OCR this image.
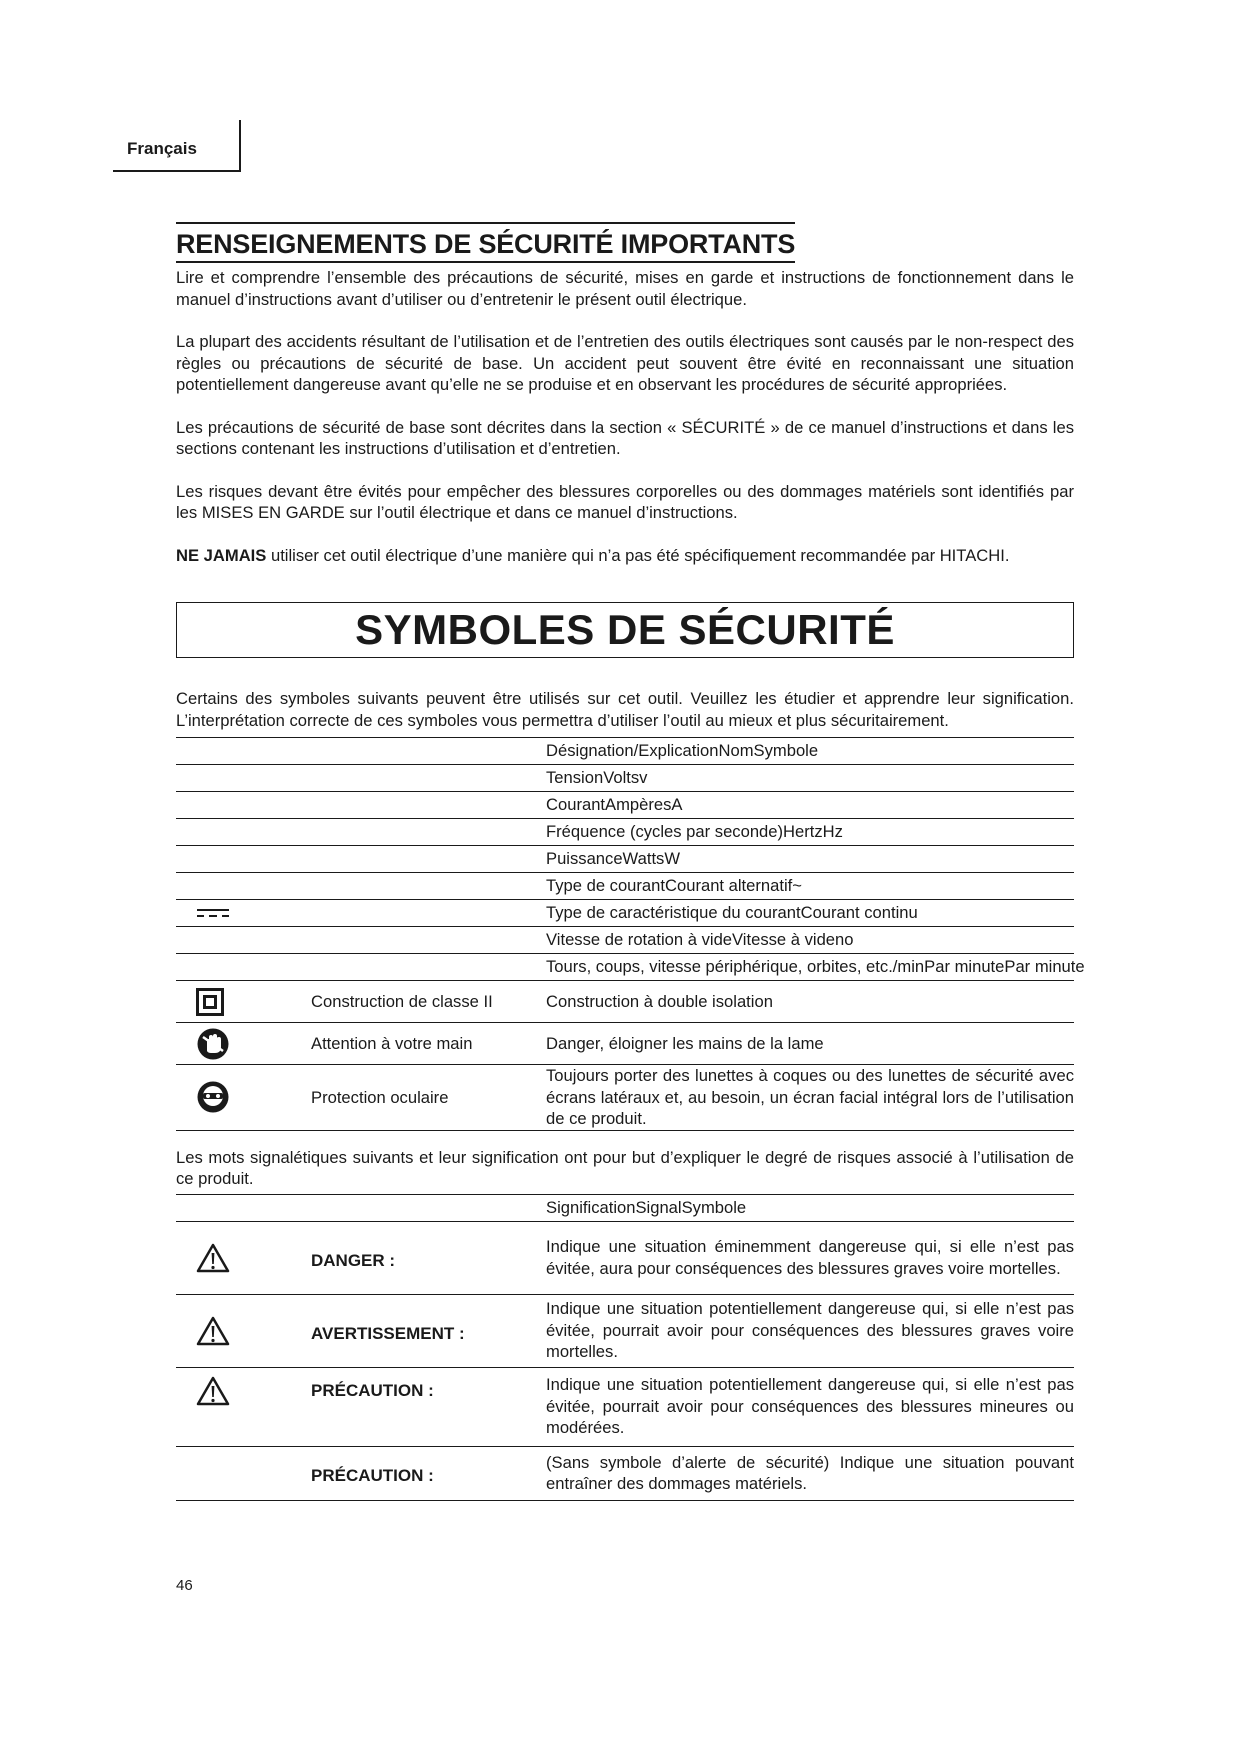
Français
RENSEIGNEMENTS DE SÉCURITÉ IMPORTANTS

Lire et comprendre l’ensemble des précautions de sécurité, mises en garde et instructions de fonctionnement dans le manuel d’instructions avant d’utiliser ou d’entretenir le présent outil électrique.

La plupart des accidents résultant de l’utilisation et de l’entretien des outils électriques sont causés par le non-respect des règles ou précautions de sécurité de base. Un accident peut souvent être évité en reconnaissant une situation potentiellement dangereuse avant qu’elle ne se produise et en observant les procédures de sécurité appropriées.

Les précautions de sécurité de base sont décrites dans la section « SÉCURITÉ » de ce manuel d’instructions et dans les sections contenant les instructions d’utilisation et d’entretien.

Les risques devant être évités pour empêcher des blessures corporelles ou des dommages matériels sont identifiés par les MISES EN GARDE sur l’outil électrique et dans ce manuel d’instructions.

NE JAMAIS utiliser cet outil électrique d’une manière qui n’a pas été spécifiquement recommandée par HITACHI.

SYMBOLES DE SÉCURITÉ

Certains des symboles suivants peuvent être utilisés sur cet outil. Veuillez les étudier et apprendre leur signification. L’interprétation correcte de ces symboles vous permettra d’utiliser l’outil au mieux et plus sécuritairement.

		Désignation/ExplicationNomSymbole
		TensionVoltsv
		CourantAmpèresA
		Fréquence (cycles par seconde)HertzHz
		PuissanceWattsW
		Type de courantCourant alternatif~

		Type de caractéristique du courantCourant continu
		Vitesse de rotation à videVitesse à videno
		Tours, coups, vitesse périphérique, orbites, etc./minPar minutePar minute

	Construction de classe II	Construction à double isolation

	Attention à votre main	Danger, éloigner les mains de la lame

	Protection oculaire	Toujours porter des lunettes à coques ou des lunettes de sécurité avec écrans latéraux et, au besoin, un écran facial intégral lors de l’utilisation de ce produit.

Les mots signalétiques suivants et leur signification ont pour but d’expliquer le degré de risques associé à l’utilisation de ce produit.

		SignificationSignalSymbole

	DANGER :	Indique une situation éminemment dangereuse qui, si elle n’est pas évitée, aura pour conséquences des blessures graves voire mortelles.

	AVERTISSEMENT :	Indique une situation potentiellement dangereuse qui, si elle n’est pas évitée, pourrait avoir pour conséquences des blessures graves voire mortelles.

	PRÉCAUTION :	Indique une situation potentiellement dangereuse qui, si elle n’est pas évitée, pourrait avoir pour conséquences des blessures mineures ou modérées.
	PRÉCAUTION :	(Sans symbole d’alerte de sécurité) Indique une situation pouvant entraîner des dommages matériels.
46
